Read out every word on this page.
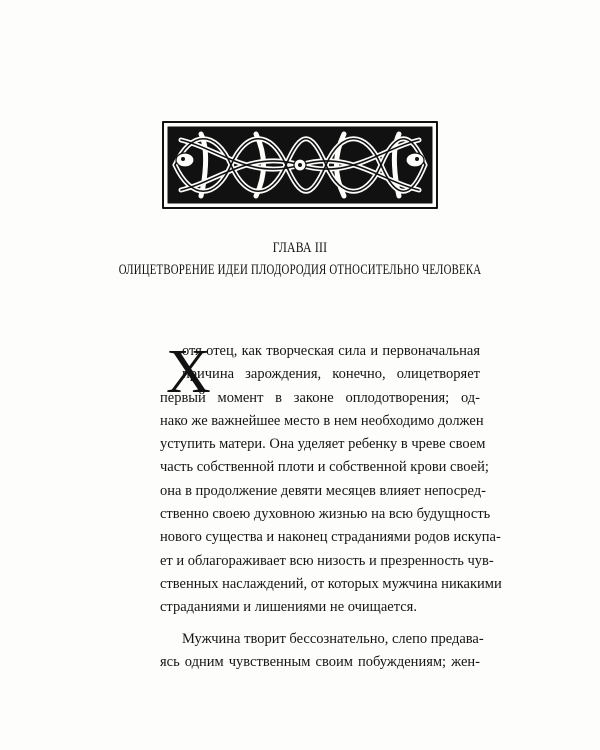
ГЛАВА III
ОЛИЦЕТВОРЕНИЕ ИДЕИ ПЛОДОРОДИЯ ОТНОСИТЕЛЬНО ЧЕЛОВЕКА
Х
отя отец, как творческая сила и первоначальная
причина зарождения, конечно, олицетворяет
первый момент в законе оплодотворения; од-
нако же важнейшее место в нем необходимо должен
уступить матери. Она уделяет ребенку в чреве своем
часть собственной плоти и собственной крови своей;
она в продолжение девяти месяцев влияет непосред-
ственно своею духовною жизнью на всю будущность
нового существа и наконец страданиями родов искупа-
ет и облагораживает всю низость и презренность чув-
ственных наслаждений, от которых мужчина никакими
страданиями и лишениями не очищается.
Мужчина творит бессознательно, слепо предава-
ясь одним чувственным своим побуждениям; жен-
